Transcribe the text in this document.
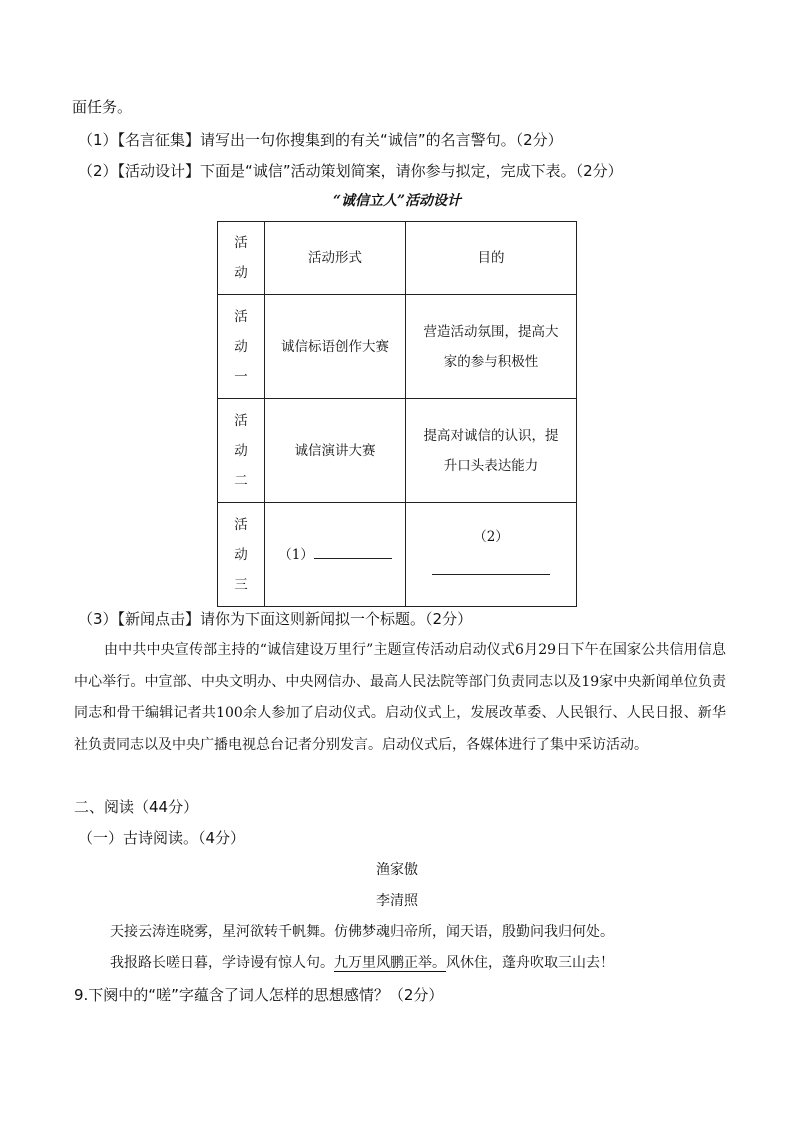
面任务。
（1）【名言征集】请写出一句你搜集到的有关“诚信”的名言警句。（2分）
（2）【活动设计】下面是“诚信”活动策划简案，请你参与拟定，完成下表。（2分）
“诚信立人”活动设计
活动	活动形式	目的
活动一	诚信标语创作大赛	营造活动氛围，提高大家的参与积极性
活动二	诚信演讲大赛	提高对诚信的认识，提升口头表达能力
活动三	（1）	（2）
（3）【新闻点击】请你为下面这则新闻拟一个标题。（2分）
由中共中央宣传部主持的“诚信建设万里行”主题宣传活动启动仪式6月29日下午在国家公共信用信息中心举行。中宣部、中央文明办、中央网信办、最高人民法院等部门负责同志以及19家中央新闻单位负责同志和骨干编辑记者共100余人参加了启动仪式。启动仪式上，发展改革委、人民银行、人民日报、新华社负责同志以及中央广播电视总台记者分别发言。启动仪式后，各媒体进行了集中采访活动。
二、阅读（44分）
（一）古诗阅读。（4分）
渔家傲
李清照
天接云涛连晓雾，星河欲转千帆舞。仿佛梦魂归帝所，闻天语，殷勤问我归何处。
我报路长嗟日暮，学诗谩有惊人句。九万里风鹏正举。风休住，蓬舟吹取三山去！
9.下阕中的“嗟”字蕴含了词人怎样的思想感情？（2分）
